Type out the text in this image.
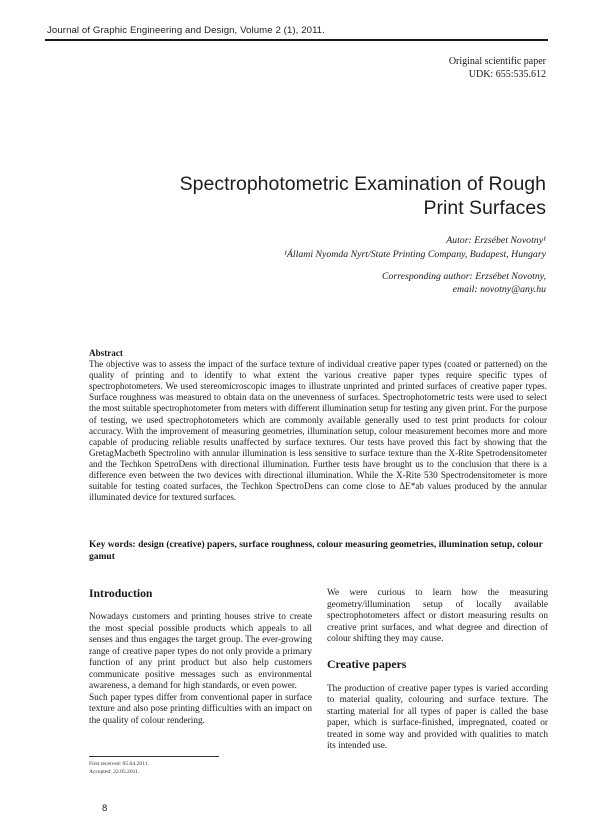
Journal of Graphic Engineering and Design, Volume 2 (1), 2011.
Original scientific paper
UDK: 655:535.612
Spectrophotometric Examination of Rough
Print Surfaces
Autor: Erzsébet Novotny¹
¹Állami Nyomda Nyrt/State Printing Company, Budapest, Hungary
Corresponding author: Erzsébet Novotny,
email: novotny@any.hu

Abstract

The objective was to assess the impact of the surface texture of individual creative paper types (coated or patterned) on the quality of printing and to identify to what extent the various creative paper types require specific types of spectrophotometers. We used stereomicroscopic images to illustrate unprinted and printed surfaces of creative paper types. Surface roughness was measured to obtain data on the unevenness of surfaces. Spectrophotometric tests were used to select the most suitable spectrophotometer from meters with different illumination setup for testing any given print. For the purpose of testing, we used spectrophotometers which are commonly available generally used to test print products for colour accuracy. With the improvement of measuring geometries, illumination setup, colour measurement becomes more and more capable of producing reliable results unaffected by surface textures. Our tests have proved this fact by showing that the GretagMacbeth Spectrolino with annular illumination is less sensitive to surface texture than the X-Rite Spetrodensitometer and the Techkon SpetroDens with directional illumination. Further tests have brought us to the conclusion that there is a difference even between the two devices with directional illumination. While the X-Rite 530 Spectrodensitometer is more suitable for testing coated surfaces, the Techkon SpectroDens can come close to ΔE*ab values produced by the annular illuminated device for textured surfaces.

Key words: design (creative) papers, surface roughness, colour measuring geometries, illumination setup, colour gamut

Introduction

Nowadays customers and printing houses strive to create the most special possible products which appeals to all senses and thus engages the target group. The ever-growing range of creative paper types do not only provide a primary function of any print product but also help customers communicate positive messages such as environmental awareness, a demand for high standards, or even power.

Such paper types differ from conventional paper in surface texture and also pose printing difficulties with an impact on the quality of colour rendering.

We were curious to learn how the measuring geometry/illumination setup of locally available spectrophotometers affect or distort measuring results on creative print surfaces, and what degree and direction of colour shifting they may cause.

Creative papers

The production of creative paper types is varied according to material quality, colouring and surface texture. The starting material for all types of paper is called the base paper, which is surface-finished, impregnated, coated or treated in some way and provided with qualities to match its intended use.

First received: 05.04.2011.
Accepted: 22.05.2011.
8
